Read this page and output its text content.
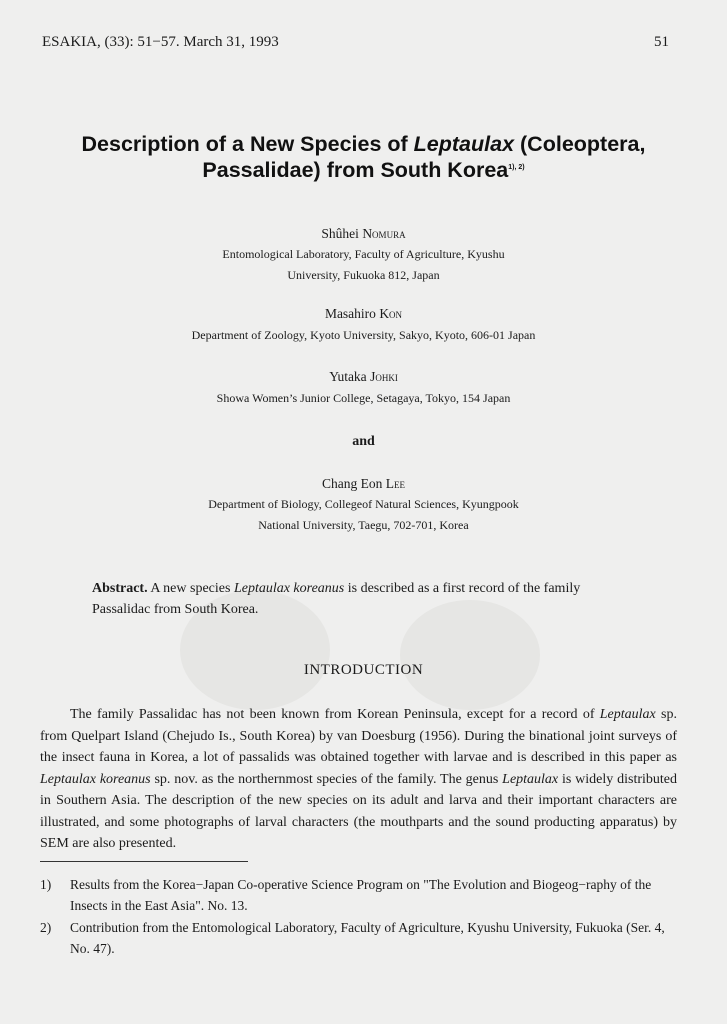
ESAKIA, (33): 51−57. March 31, 1993	51
Description of a New Species of Leptaulax (Coleoptera,
Passalidae) from South Korea$^{1), 2)}$
Shûhei Nomura
Entomological Laboratory, Faculty of Agriculture, Kyushu
University, Fukuoka 812, Japan
Masahiro Kon
Department of Zoology, Kyoto University, Sakyo, Kyoto, 606-01 Japan
Yutaka Johki
Showa Women’s Junior College, Setagaya, Tokyo, 154 Japan
and
Chang Eon Lee
Department of Biology, Collegeof Natural Sciences, Kyungpook
National University, Taegu, 702-701, Korea
Abstract. A new species Leptaulax koreanus is described as a first record of the family Passalidac from South Korea.
INTRODUCTION
The family Passalidac has not been known from Korean Peninsula, except for a record of Leptaulax sp. from Quelpart Island (Chejudo Is., South Korea) by van Doesburg (1956). During the binational joint surveys of the insect fauna in Korea, a lot of passalids was obtained together with larvae and is described in this paper as Leptaulax koreanus sp. nov. as the northernmost species of the family. The genus Leptaulax is widely distributed in Southern Asia. The description of the new species on its adult and larva and their important characters are illustrated, and some photographs of larval characters (the mouthparts and the sound producting apparatus) by SEM are also presented.
1) Results from the Korea−Japan Co-operative Science Program on "The Evolution and Biogeog−raphy of the Insects in the East Asia". No. 13.
2) Contribution from the Entomological Laboratory, Faculty of Agriculture, Kyushu University, Fukuoka (Ser. 4, No. 47).
